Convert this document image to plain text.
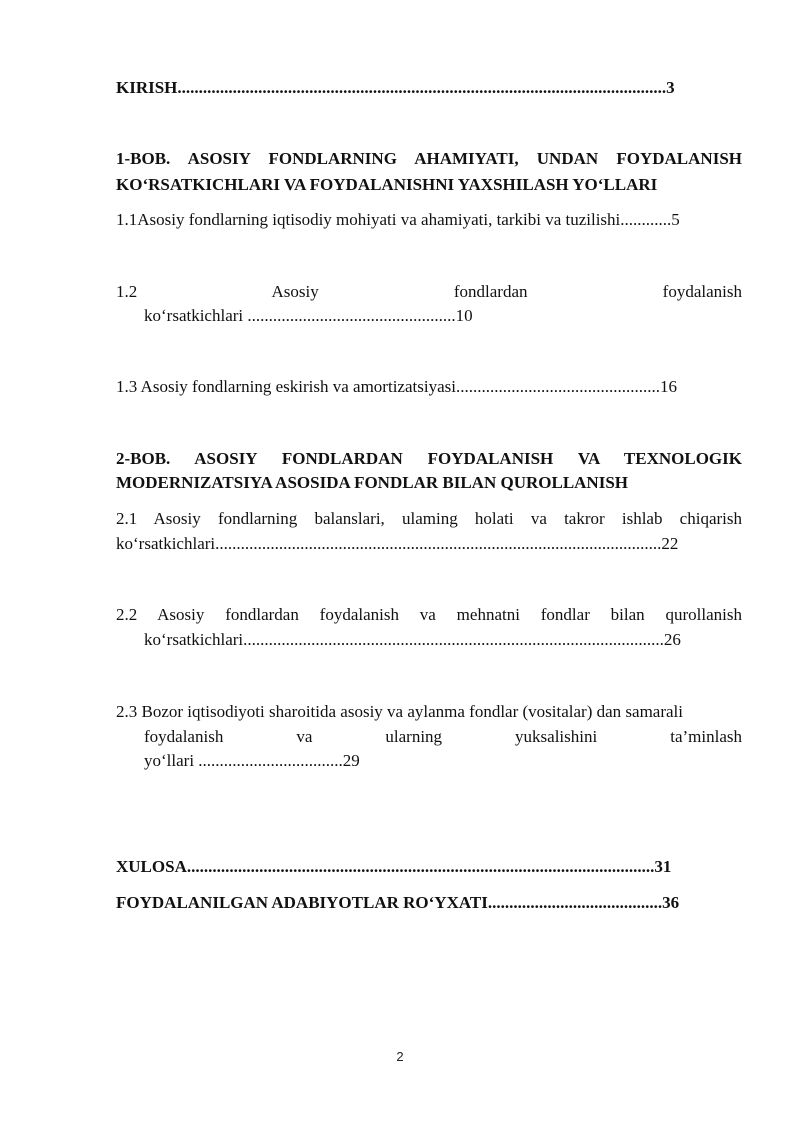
KIRISH...................................................................................................................3
1-BOB. ASOSIY FONDLARNING AHAMIYATI, UNDAN FOYDALANISH
KO‘RSATKICHLARI VA FOYDALANISHNI YAXSHILASH YO‘LLARI
1.1Asosiy fondlarning iqtisodiy mohiyati va ahamiyati, tarkibi va tuzilishi............5
1.2 Asosiy fondlardan foydalanish
ko‘rsatkichlari .................................................10
1.3 Asosiy fondlarning eskirish va amortizatsiyasi................................................16
2-BOB. ASOSIY FONDLARDAN FOYDALANISH VA TEXNOLOGIK
MODERNIZATSIYA ASOSIDA FONDLAR BILAN QUROLLANISH
2.1 Asosiy fondlarning balanslari, ulaming holati va takror ishlab chiqarish
ko‘rsatkichlari.........................................................................................................22
2.2 Asosiy fondlardan foydalanish va mehnatni fondlar bilan qurollanish
ko‘rsatkichlari...................................................................................................26
2.3 Bozor iqtisodiyoti sharoitida asosiy va aylanma fondlar (vositalar) dan samarali
foydalanish va ularning yuksalishini ta’minlash
yo‘llari ..................................29
XULOSA..............................................................................................................31
FOYDALANILGAN ADABIYOTLAR RO‘YXATI.........................................36
2
